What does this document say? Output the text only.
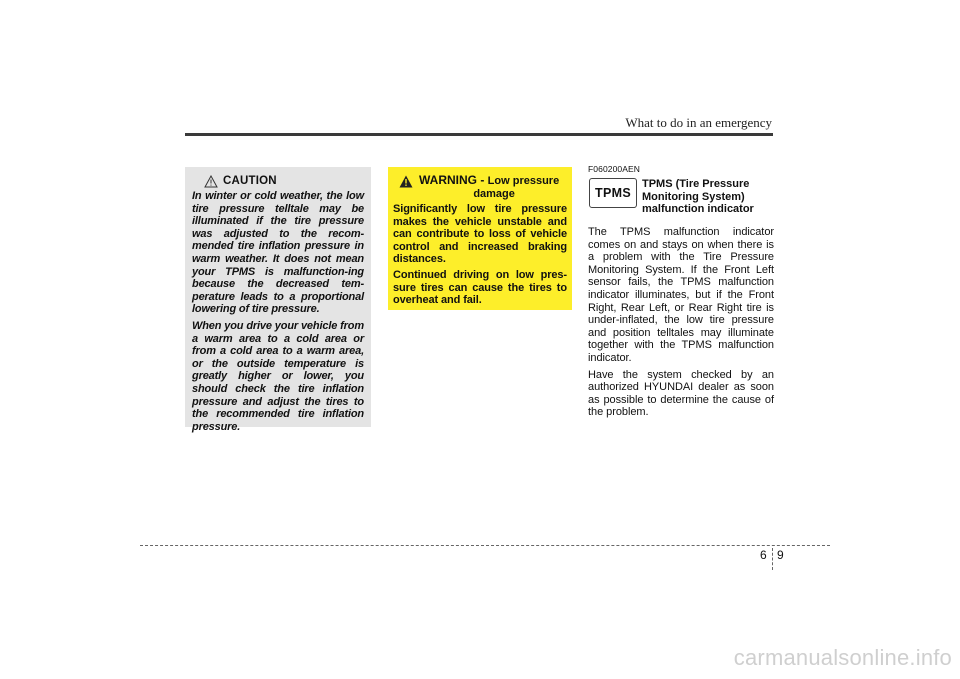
What to do in an emergency
CAUTION

In winter or cold weather, the low tire pressure telltale may be illuminated if the tire pressure was adjusted to the recom-mended tire inflation pressure in warm weather. It does not mean your TPMS is malfunction-ing because the decreased tem-perature leads to a proportional lowering of tire pressure.

When you drive your vehicle from a warm area to a cold area or from a cold area to a warm area, or the outside temperature is greatly higher or lower, you should check the tire inflation pressure and adjust the tires to the recommended tire inflation pressure.

WARNING - Low pressure
damage

Significantly low tire pressure makes the vehicle unstable and can contribute to loss of vehicle control and increased braking distances.

Continued driving on low pres-sure tires can cause the tires to overheat and fail.

F060200AEN
TPMS
TPMS (Tire Pressure
Monitoring System)
malfunction indicator

The TPMS malfunction indicator comes on and stays on when there is a problem with the Tire Pressure Monitoring System. If the Front Left sensor fails, the TPMS malfunction indicator illuminates, but if the Front Right, Rear Left, or Rear Right tire is under-inflated, the low tire pressure and position telltales may illuminate together with the TPMS malfunction indicator.

Have the system checked by an authorized HYUNDAI dealer as soon as possible to determine the cause of the problem.

6 9
carmanualsonline.info
